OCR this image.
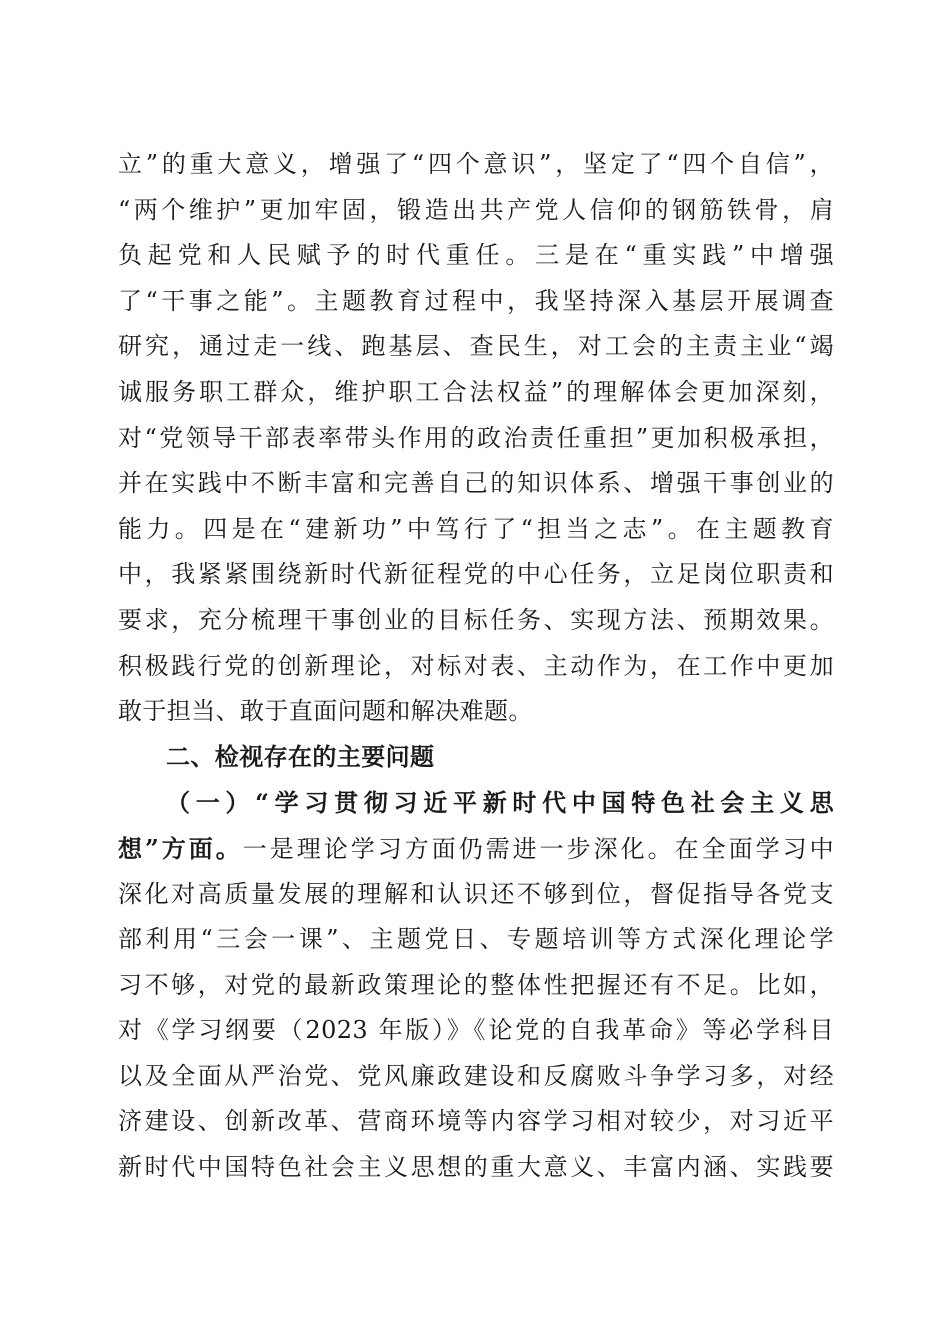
立”的重大意义，增强了“四个意识”，坚定了“四个自信”，
“两个维护”更加牢固，锻造出共产党人信仰的钢筋铁骨，肩
负起党和人民赋予的时代重任。三是在“重实践”中增强
了“干事之能”。主题教育过程中，我坚持深入基层开展调查
研究，通过走一线、跑基层、查民生，对工会的主责主业“竭
诚服务职工群众，维护职工合法权益”的理解体会更加深刻，
对“党领导干部表率带头作用的政治责任重担”更加积极承担，
并在实践中不断丰富和完善自己的知识体系、增强干事创业的
能力。四是在“建新功”中笃行了“担当之志”。在主题教育
中，我紧紧围绕新时代新征程党的中心任务，立足岗位职责和
要求，充分梳理干事创业的目标任务、实现方法、预期效果。
积极践行党的创新理论，对标对表、主动作为，在工作中更加
敢于担当、敢于直面问题和解决难题。
二、检视存在的主要问题
（一）“学习贯彻习近平新时代中国特色社会主义思
想”方面。一是理论学习方面仍需进一步深化。在全面学习中
深化对高质量发展的理解和认识还不够到位，督促指导各党支
部利用“三会一课”、主题党日、专题培训等方式深化理论学
习不够，对党的最新政策理论的整体性把握还有不足。比如，
对《学习纲要（2023 年版）》《论党的自我革命》等必学科目
以及全面从严治党、党风廉政建设和反腐败斗争学习多，对经
济建设、创新改革、营商环境等内容学习相对较少，对习近平
新时代中国特色社会主义思想的重大意义、丰富内涵、实践要
